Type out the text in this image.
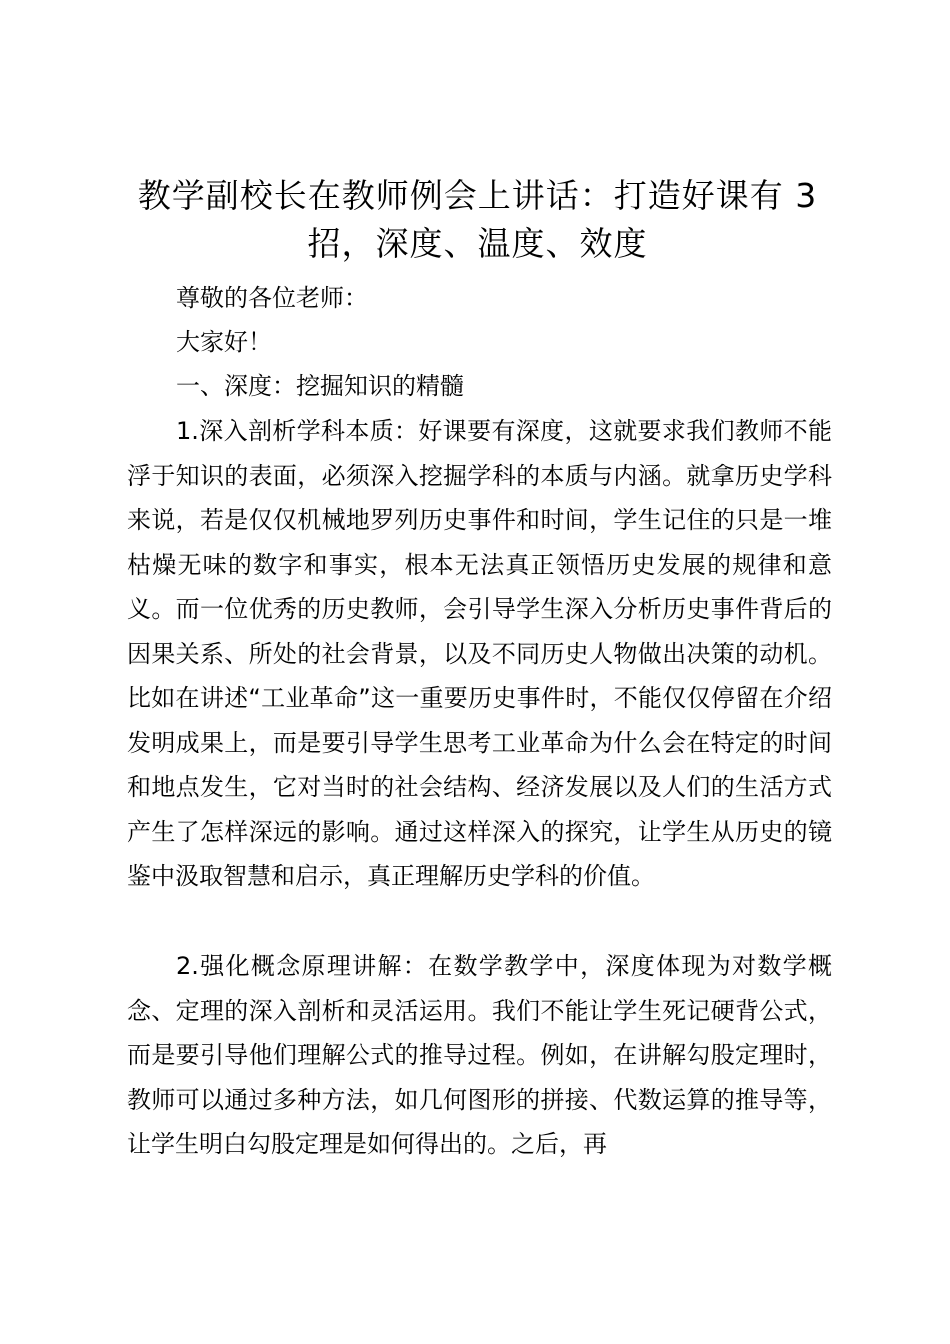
教学副校长在教师例会上讲话：打造好课有 3 招，深度、温度、效度
尊敬的各位老师：
大家好！
一、深度：挖掘知识的精髓
1.深入剖析学科本质：好课要有深度，这就要求我们教师不能浮于知识的表面，必须深入挖掘学科的本质与内涵。就拿历史学科来说，若是仅仅机械地罗列历史事件和时间，学生记住的只是一堆枯燥无味的数字和事实，根本无法真正领悟历史发展的规律和意义。而一位优秀的历史教师，会引导学生深入分析历史事件背后的因果关系、所处的社会背景，以及不同历史人物做出决策的动机。比如在讲述“工业革命”这一重要历史事件时，不能仅仅停留在介绍发明成果上，而是要引导学生思考工业革命为什么会在特定的时间和地点发生，它对当时的社会结构、经济发展以及人们的生活方式产生了怎样深远的影响。通过这样深入的探究，让学生从历史的镜鉴中汲取智慧和启示，真正理解历史学科的价值。
2.强化概念原理讲解：在数学教学中，深度体现为对数学概念、定理的深入剖析和灵活运用。我们不能让学生死记硬背公式，而是要引导他们理解公式的推导过程。例如，在讲解勾股定理时，教师可以通过多种方法，如几何图形的拼接、代数运算的推导等，让学生明白勾股定理是如何得出的。之后，再
